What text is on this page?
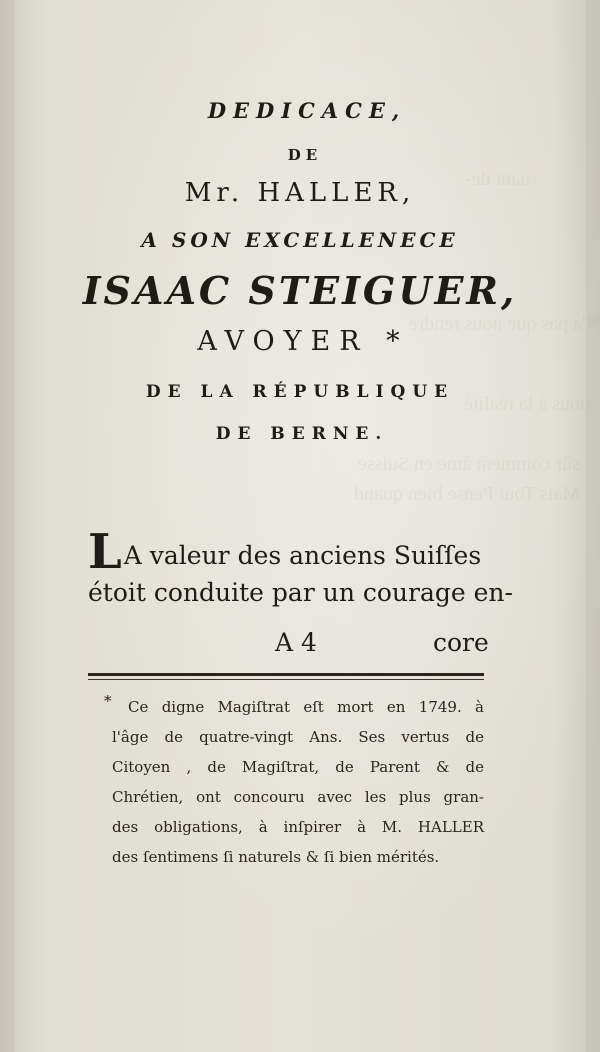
uant de-
N'a pas que nous rendre
nous à la réalité
sûr comment âme en Suisse
Mais Tout Pense bien quand
DEDICACE,
DE
Mr. HALLER,
A SON EXCELLENECE
ISAAC STEIGUER,
AVOYER *
DE LA RÉPUBLIQUE
DE BERNE.
LA valeur des anciens Suiſſes
étoit conduite par un courage en-
A 4	core
*	Ce digne Magiſtrat eſt mort en 1749. à
l'âge de quatre-vingt Ans. Ses vertus de
Citoyen , de Magiſtrat, de Parent & de
Chrétien, ont concouru avec les plus gran-
des obligations, à inſpirer à M. HALLER
des ſentimens ſi naturels & ſi bien mérités.
